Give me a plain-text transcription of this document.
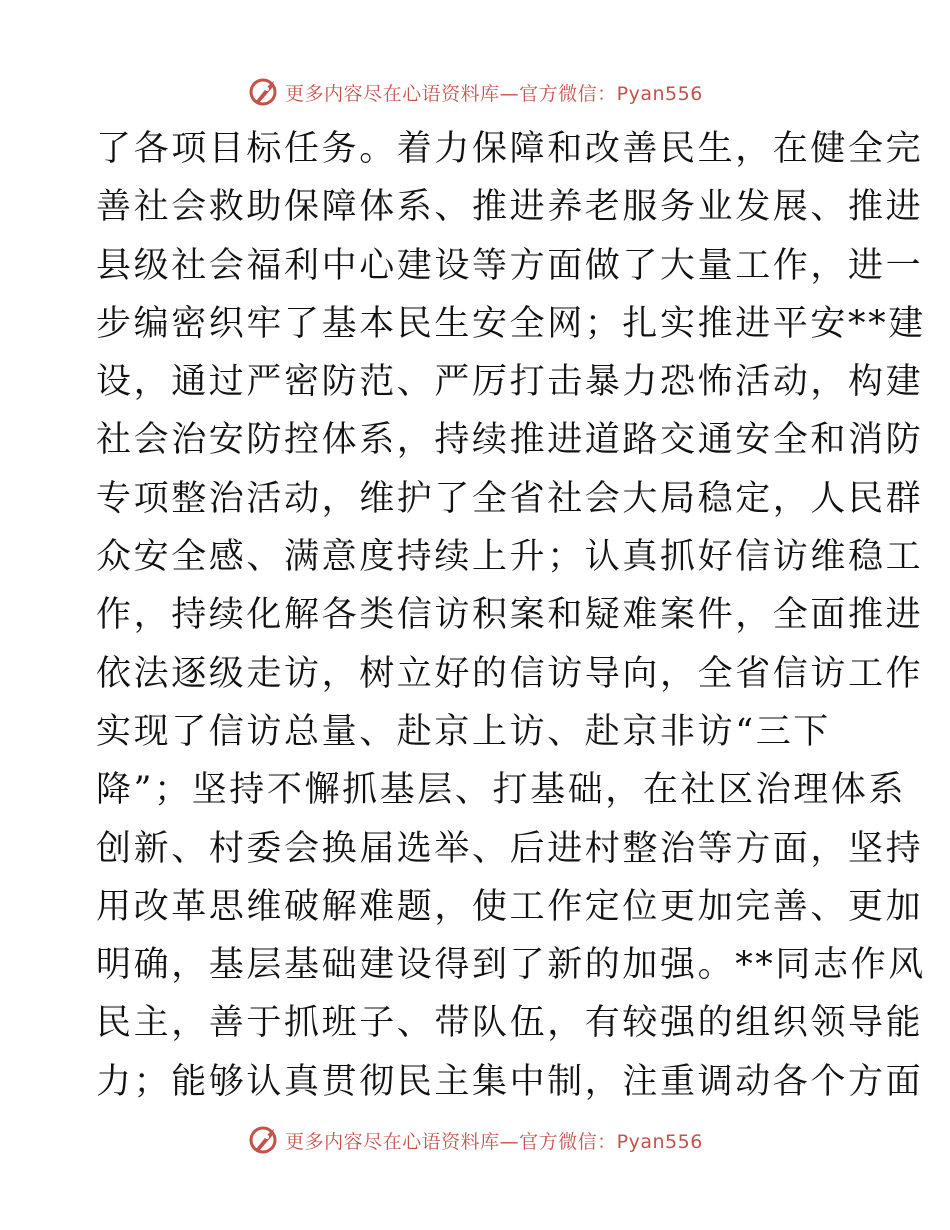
更多内容尽在心语资料库—官方微信：Pyan556
了各项目标任务。着力保障和改善民生，在健全完
善社会救助保障体系、推进养老服务业发展、推进
县级社会福利中心建设等方面做了大量工作，进一
步编密织牢了基本民生安全网；扎实推进平安**建
设，通过严密防范、严厉打击暴力恐怖活动，构建
社会治安防控体系，持续推进道路交通安全和消防
专项整治活动，维护了全省社会大局稳定，人民群
众安全感、满意度持续上升；认真抓好信访维稳工
作，持续化解各类信访积案和疑难案件，全面推进
依法逐级走访，树立好的信访导向，全省信访工作
实现了信访总量、赴京上访、赴京非访“三下
降”；坚持不懈抓基层、打基础，在社区治理体系
创新、村委会换届选举、后进村整治等方面，坚持
用改革思维破解难题，使工作定位更加完善、更加
明确，基层基础建设得到了新的加强。**同志作风
民主，善于抓班子、带队伍，有较强的组织领导能
力；能够认真贯彻民主集中制，注重调动各个方面
更多内容尽在心语资料库—官方微信：Pyan556
